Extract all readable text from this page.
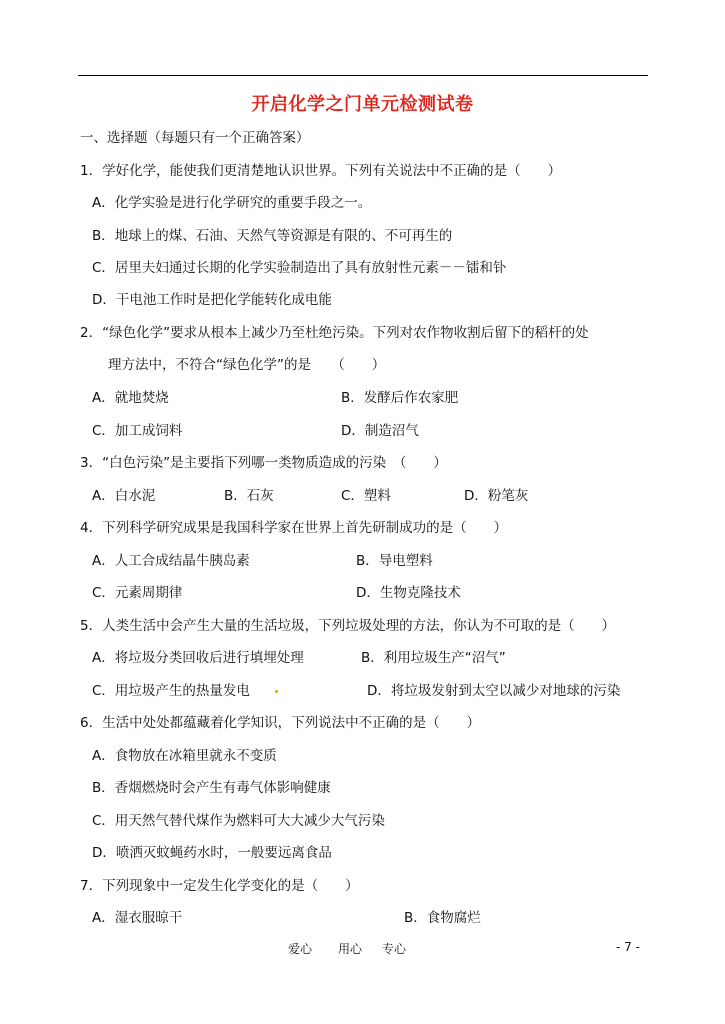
开启化学之门单元检测试卷
一、选择题（每题只有一个正确答案）
1．学好化学，能使我们更清楚地认识世界。下列有关说法中不正确的是（　　）
A．化学实验是进行化学研究的重要手段之一。
B．地球上的煤、石油、天然气等资源是有限的、不可再生的
C．居里夫妇通过长期的化学实验制造出了具有放射性元素－－镭和钋
D．干电池工作时是把化学能转化成电能
2．“绿色化学”要求从根本上减少乃至杜绝污染。下列对农作物收割后留下的稻杆的处
理方法中，不符合“绿色化学”的是　　（　　）
A．就地焚烧	B．发酵后作农家肥
C．加工成饲料	D．制造沼气
3．“白色污染”是主要指下列哪一类物质造成的污染　（　　）
A．白水泥	B．石灰	C．塑料	D．粉笔灰
4．下列科学研究成果是我国科学家在世界上首先研制成功的是（　　）
A．人工合成结晶牛胰岛素	B．导电塑料
C．元素周期律	D．生物克隆技术
5．人类生活中会产生大量的生活垃圾，下列垃圾处理的方法，你认为不可取的是（　　）
A．将垃圾分类回收后进行填埋处理	B．利用垃圾生产“沼气”
C．用垃圾产生的热量发电	D．将垃圾发射到太空以减少对地球的污染
6．生活中处处都蕴藏着化学知识，下列说法中不正确的是（　　）
A．食物放在冰箱里就永不变质
B．香烟燃烧时会产生有毒气体影响健康
C．用天然气替代煤作为燃料可大大减少大气污染
D．喷洒灭蚊蝇药水时，一般要远离食品
7．下列现象中一定发生化学变化的是（　　）
A．湿衣服晾干	B．食物腐烂
爱心 用心 专心	- 7 -
